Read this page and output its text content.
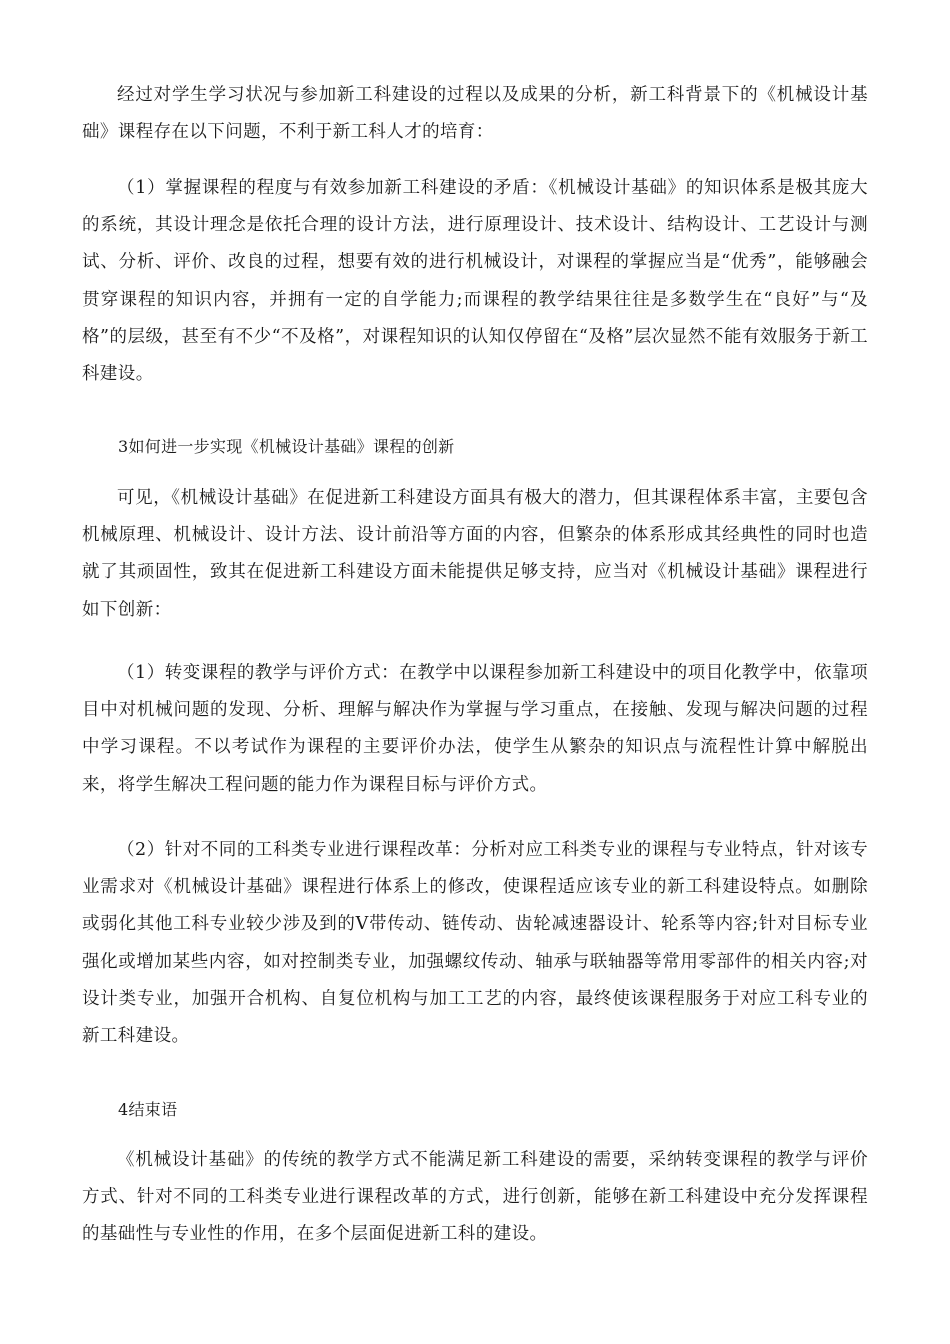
经过对学生学习状况与参加新工科建设的过程以及成果的分析，新工科背景下的《机械设计基础》课程存在以下问题，不利于新工科人才的培育：

（1）掌握课程的程度与有效参加新工科建设的矛盾：《机械设计基础》的知识体系是极其庞大的系统，其设计理念是依托合理的设计方法，进行原理设计、技术设计、结构设计、工艺设计与测试、分析、评价、改良的过程，想要有效的进行机械设计，对课程的掌握应当是“优秀”，能够融会贯穿课程的知识内容，并拥有一定的自学能力;而课程的教学结果往往是多数学生在“良好”与“及格”的层级，甚至有不少“不及格”，对课程知识的认知仅停留在“及格”层次显然不能有效服务于新工科建设。

3如何进一步实现《机械设计基础》课程的创新

可见，《机械设计基础》在促进新工科建设方面具有极大的潜力，但其课程体系丰富，主要包含机械原理、机械设计、设计方法、设计前沿等方面的内容，但繁杂的体系形成其经典性的同时也造就了其顽固性，致其在促进新工科建设方面未能提供足够支持，应当对《机械设计基础》课程进行如下创新：

（1）转变课程的教学与评价方式：在教学中以课程参加新工科建设中的项目化教学中，依靠项目中对机械问题的发现、分析、理解与解决作为掌握与学习重点，在接触、发现与解决问题的过程中学习课程。不以考试作为课程的主要评价办法，使学生从繁杂的知识点与流程性计算中解脱出来，将学生解决工程问题的能力作为课程目标与评价方式。

（2）针对不同的工科类专业进行课程改革：分析对应工科类专业的课程与专业特点，针对该专业需求对《机械设计基础》课程进行体系上的修改，使课程适应该专业的新工科建设特点。如删除或弱化其他工科专业较少涉及到的V带传动、链传动、齿轮减速器设计、轮系等内容;针对目标专业强化或增加某些内容，如对控制类专业，加强螺纹传动、轴承与联轴器等常用零部件的相关内容;对设计类专业，加强开合机构、自复位机构与加工工艺的内容，最终使该课程服务于对应工科专业的新工科建设。

4结束语

《机械设计基础》的传统的教学方式不能满足新工科建设的需要，采纳转变课程的教学与评价方式、针对不同的工科类专业进行课程改革的方式，进行创新，能够在新工科建设中充分发挥课程的基础性与专业性的作用，在多个层面促进新工科的建设。
